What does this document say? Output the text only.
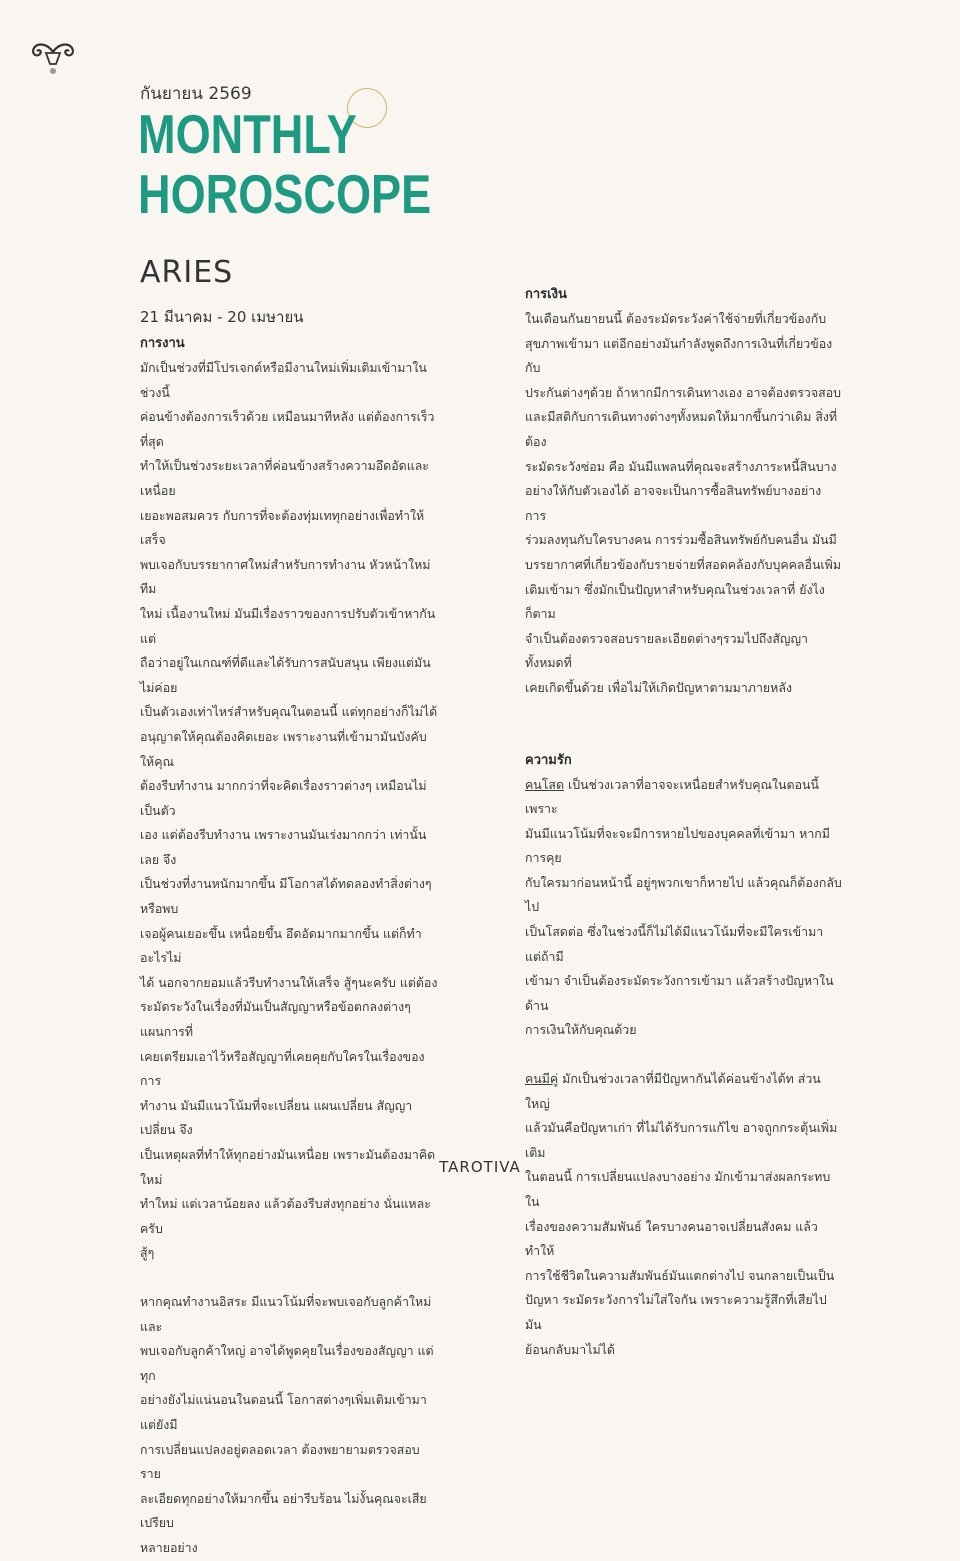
กันยายน 2569
MONTHLY
HOROSCOPE
ARIES
21 มีนาคม - 20 เมษายน
การงาน

มักเป็นช่วงที่มีโปรเจกต์หรือมีงานใหม่เพิ่มเติมเข้ามาในช่วงนี้
ค่อนข้างต้องการเร็วด้วย เหมือนมาทีหลัง แต่ต้องการเร็วที่สุด
ทำให้เป็นช่วงระยะเวลาที่ค่อนข้างสร้างความอึดอัดและเหนื่อย
เยอะพอสมควร กับการที่จะต้องทุ่มเททุกอย่างเพื่อทำให้เสร็จ
พบเจอกับบรรยากาศใหม่สำหรับการทำงาน หัวหน้าใหม่ ทีม
ใหม่ เนื้องานใหม่ มันมีเรื่องราวของการปรับตัวเข้าหากัน แต่
ถือว่าอยู่ในเกณฑ์ที่ดีและได้รับการสนับสนุน เพียงแต่มันไม่ค่อย
เป็นตัวเองเท่าไหร่สำหรับคุณในตอนนี้ แต่ทุกอย่างก็ไม่ได้
อนุญาตให้คุณต้องคิดเยอะ เพราะงานที่เข้ามามันบังคับให้คุณ
ต้องรีบทำงาน มากกว่าที่จะคิดเรื่องราวต่างๆ เหมือนไม่เป็นตัว
เอง แต่ต้องรีบทำงาน เพราะงานมันเร่งมากกว่า เท่านั้นเลย จึง
เป็นช่วงที่งานหนักมากขึ้น มีโอกาสได้ทดลองทำสิ่งต่างๆหรือพบ
เจอผู้คนเยอะขึ้น เหนื่อยขึ้น อึดอัดมากมากขึ้น แต่ก็ทำอะไรไม่
ได้ นอกจากยอมแล้วรีบทำงานให้เสร็จ สู้ๆนะครับ แต่ต้อง
ระมัดระวังในเรื่องที่มันเป็นสัญญาหรือข้อตกลงต่างๆ แผนการที่
เคยเตรียมเอาไว้หรือสัญญาที่เคยคุยกับใครในเรื่องของการ
ทำงาน มันมีแนวโน้มที่จะเปลี่ยน แผนเปลี่ยน สัญญาเปลี่ยน จึง
เป็นเหตุผลที่ทำให้ทุกอย่างมันเหนื่อย เพราะมันต้องมาคิดใหม่
ทำใหม่ แต่เวลาน้อยลง แล้วต้องรีบส่งทุกอย่าง นั่นแหละครับ
สู้ๆ

หากคุณทำงานอิสระ มีแนวโน้มที่จะพบเจอกับลูกค้าใหม่และ
พบเจอกับลูกค้าใหญ่ อาจได้พูดคุยในเรื่องของสัญญา แต่ทุก
อย่างยังไม่แน่นอนในตอนนี้ โอกาสต่างๆเพิ่มเติมเข้ามา แต่ยังมี
การเปลี่ยนแปลงอยู่ตลอดเวลา ต้องพยายามตรวจสอบราย
ละเอียดทุกอย่างให้มากขึ้น อย่ารีบร้อน ไม่งั้นคุณจะเสียเปรียบ
หลายอย่าง

การเงิน

ในเดือนกันยายนนี้ ต้องระมัดระวังค่าใช้จ่ายที่เกี่ยวข้องกับ
สุขภาพเข้ามา แต่อีกอย่างมันกำลังพูดถึงการเงินที่เกี่ยวข้องกับ
ประกันต่างๆด้วย ถ้าหากมีการเดินทางเอง อาจต้องตรวจสอบ
และมีสติกับการเดินทางต่างๆทั้งหมดให้มากขึ้นกว่าเดิม สิ่งที่ต้อง
ระมัดระวังซ่อม คือ มันมีแพลนที่คุณจะสร้างภาระหนี้สินบาง
อย่างให้กับตัวเองได้ อาจจะเป็นการซื้อสินทรัพย์บางอย่าง การ
ร่วมลงทุนกับใครบางคน การร่วมซื้อสินทรัพย์กับคนอื่น มันมี
บรรยากาศที่เกี่ยวข้องกับรายจ่ายที่สอดคล้องกับบุคคลอื่นเพิ่ม
เติมเข้ามา ซึ่งมักเป็นปัญหาสำหรับคุณในช่วงเวลาที่ ยังไงก็ตาม
จำเป็นต้องตรวจสอบรายละเอียดต่างๆรวมไปถึงสัญญาทั้งหมดที่
เคยเกิดขึ้นด้วย เพื่อไม่ให้เกิดปัญหาตามมาภายหลัง

ความรัก

คนโสด เป็นช่วงเวลาที่อาจจะเหนื่อยสำหรับคุณในตอนนี้ เพราะ
มันมีแนวโน้มที่จะจะมีการหายไปของบุคคลที่เข้ามา หากมีการคุย
กับใครมาก่อนหน้านี้ อยู่ๆพวกเขาก็หายไป แล้วคุณก็ต้องกลับไป
เป็นโสดต่อ ซึ่งในช่วงนี้ก็ไม่ได้มีแนวโน้มที่จะมีใครเข้ามา แต่ถ้ามี
เข้ามา จำเป็นต้องระมัดระวังการเข้ามา แล้วสร้างปัญหาในด้าน
การเงินให้กับคุณด้วย

คนมีคู่ มักเป็นช่วงเวลาที่มีปัญหากันได้ค่อนข้างได้ท ส่วนใหญ่
แล้วมันคือปัญหาเก่า ที่ไม่ได้รับการแก้ไข อาจถูกกระตุ้นเพิ่มเติม
ในตอนนี้ การเปลี่ยนแปลงบางอย่าง มักเข้ามาส่งผลกระทบใน
เรื่องของความสัมพันธ์ ใครบางคนอาจเปลี่ยนสังคม แล้วทำให้
การใช้ชีวิตในความสัมพันธ์มันแตกต่างไป จนกลายเป็นเป็น
ปัญหา ระมัดระวังการไม่ใส่ใจกัน เพราะความรู้สึกที่เสียไป มัน
ย้อนกลับมาไม่ได้

TAROTIVA
